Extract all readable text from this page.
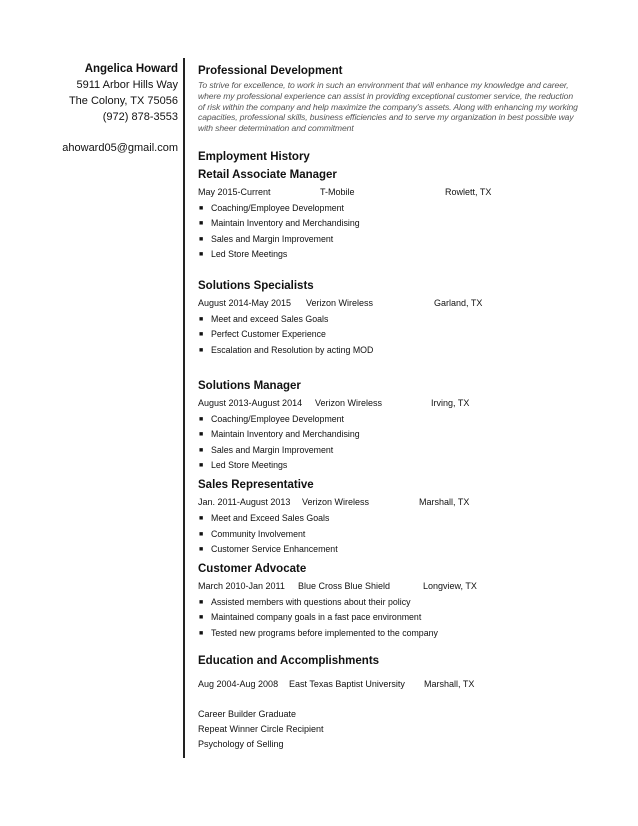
Angelica Howard
5911 Arbor Hills Way
The Colony, TX 75056
(972) 878-3553
ahoward05@gmail.com
Professional Development
To strive for excellence, to work in such an environment that will enhance my knowledge and career, where my professional experience can assist in providing exceptional customer service, the reduction of risk within the company and help maximize the company's assets. Along with enhancing my working capacities, professional skills, business efficiencies and to serve my organization in best possible way with sheer determination and commitment
Employment History
Retail Associate Manager
May 2015-Current	T-Mobile	Rowlett, TX
■ Coaching/Employee Development
■ Maintain Inventory and Merchandising
■ Sales and Margin Improvement
■ Led Store Meetings
Solutions Specialists
August 2014-May 2015 Verizon Wireless	Garland, TX
■ Meet and exceed Sales Goals
■ Perfect Customer Experience
■ Escalation and Resolution by acting MOD
Solutions Manager
August 2013-August 2014 Verizon Wireless	Irving, TX
■ Coaching/Employee Development
■ Maintain Inventory and Merchandising
■ Sales and Margin Improvement
■ Led Store Meetings
Sales Representative
Jan. 2011-August 2013 Verizon Wireless	Marshall, TX
■ Meet and Exceed Sales Goals
■ Community Involvement
■ Customer Service Enhancement
Customer Advocate
March 2010-Jan 2011 Blue Cross Blue Shield	Longview, TX
■ Assisted members with questions about their policy
■ Maintained company goals in a fast pace environment
■ Tested new programs before implemented to the company
Education and Accomplishments
Aug 2004-Aug 2008 East Texas Baptist University Marshall, TX
Career Builder Graduate
Repeat Winner Circle Recipient
Psychology of Selling
